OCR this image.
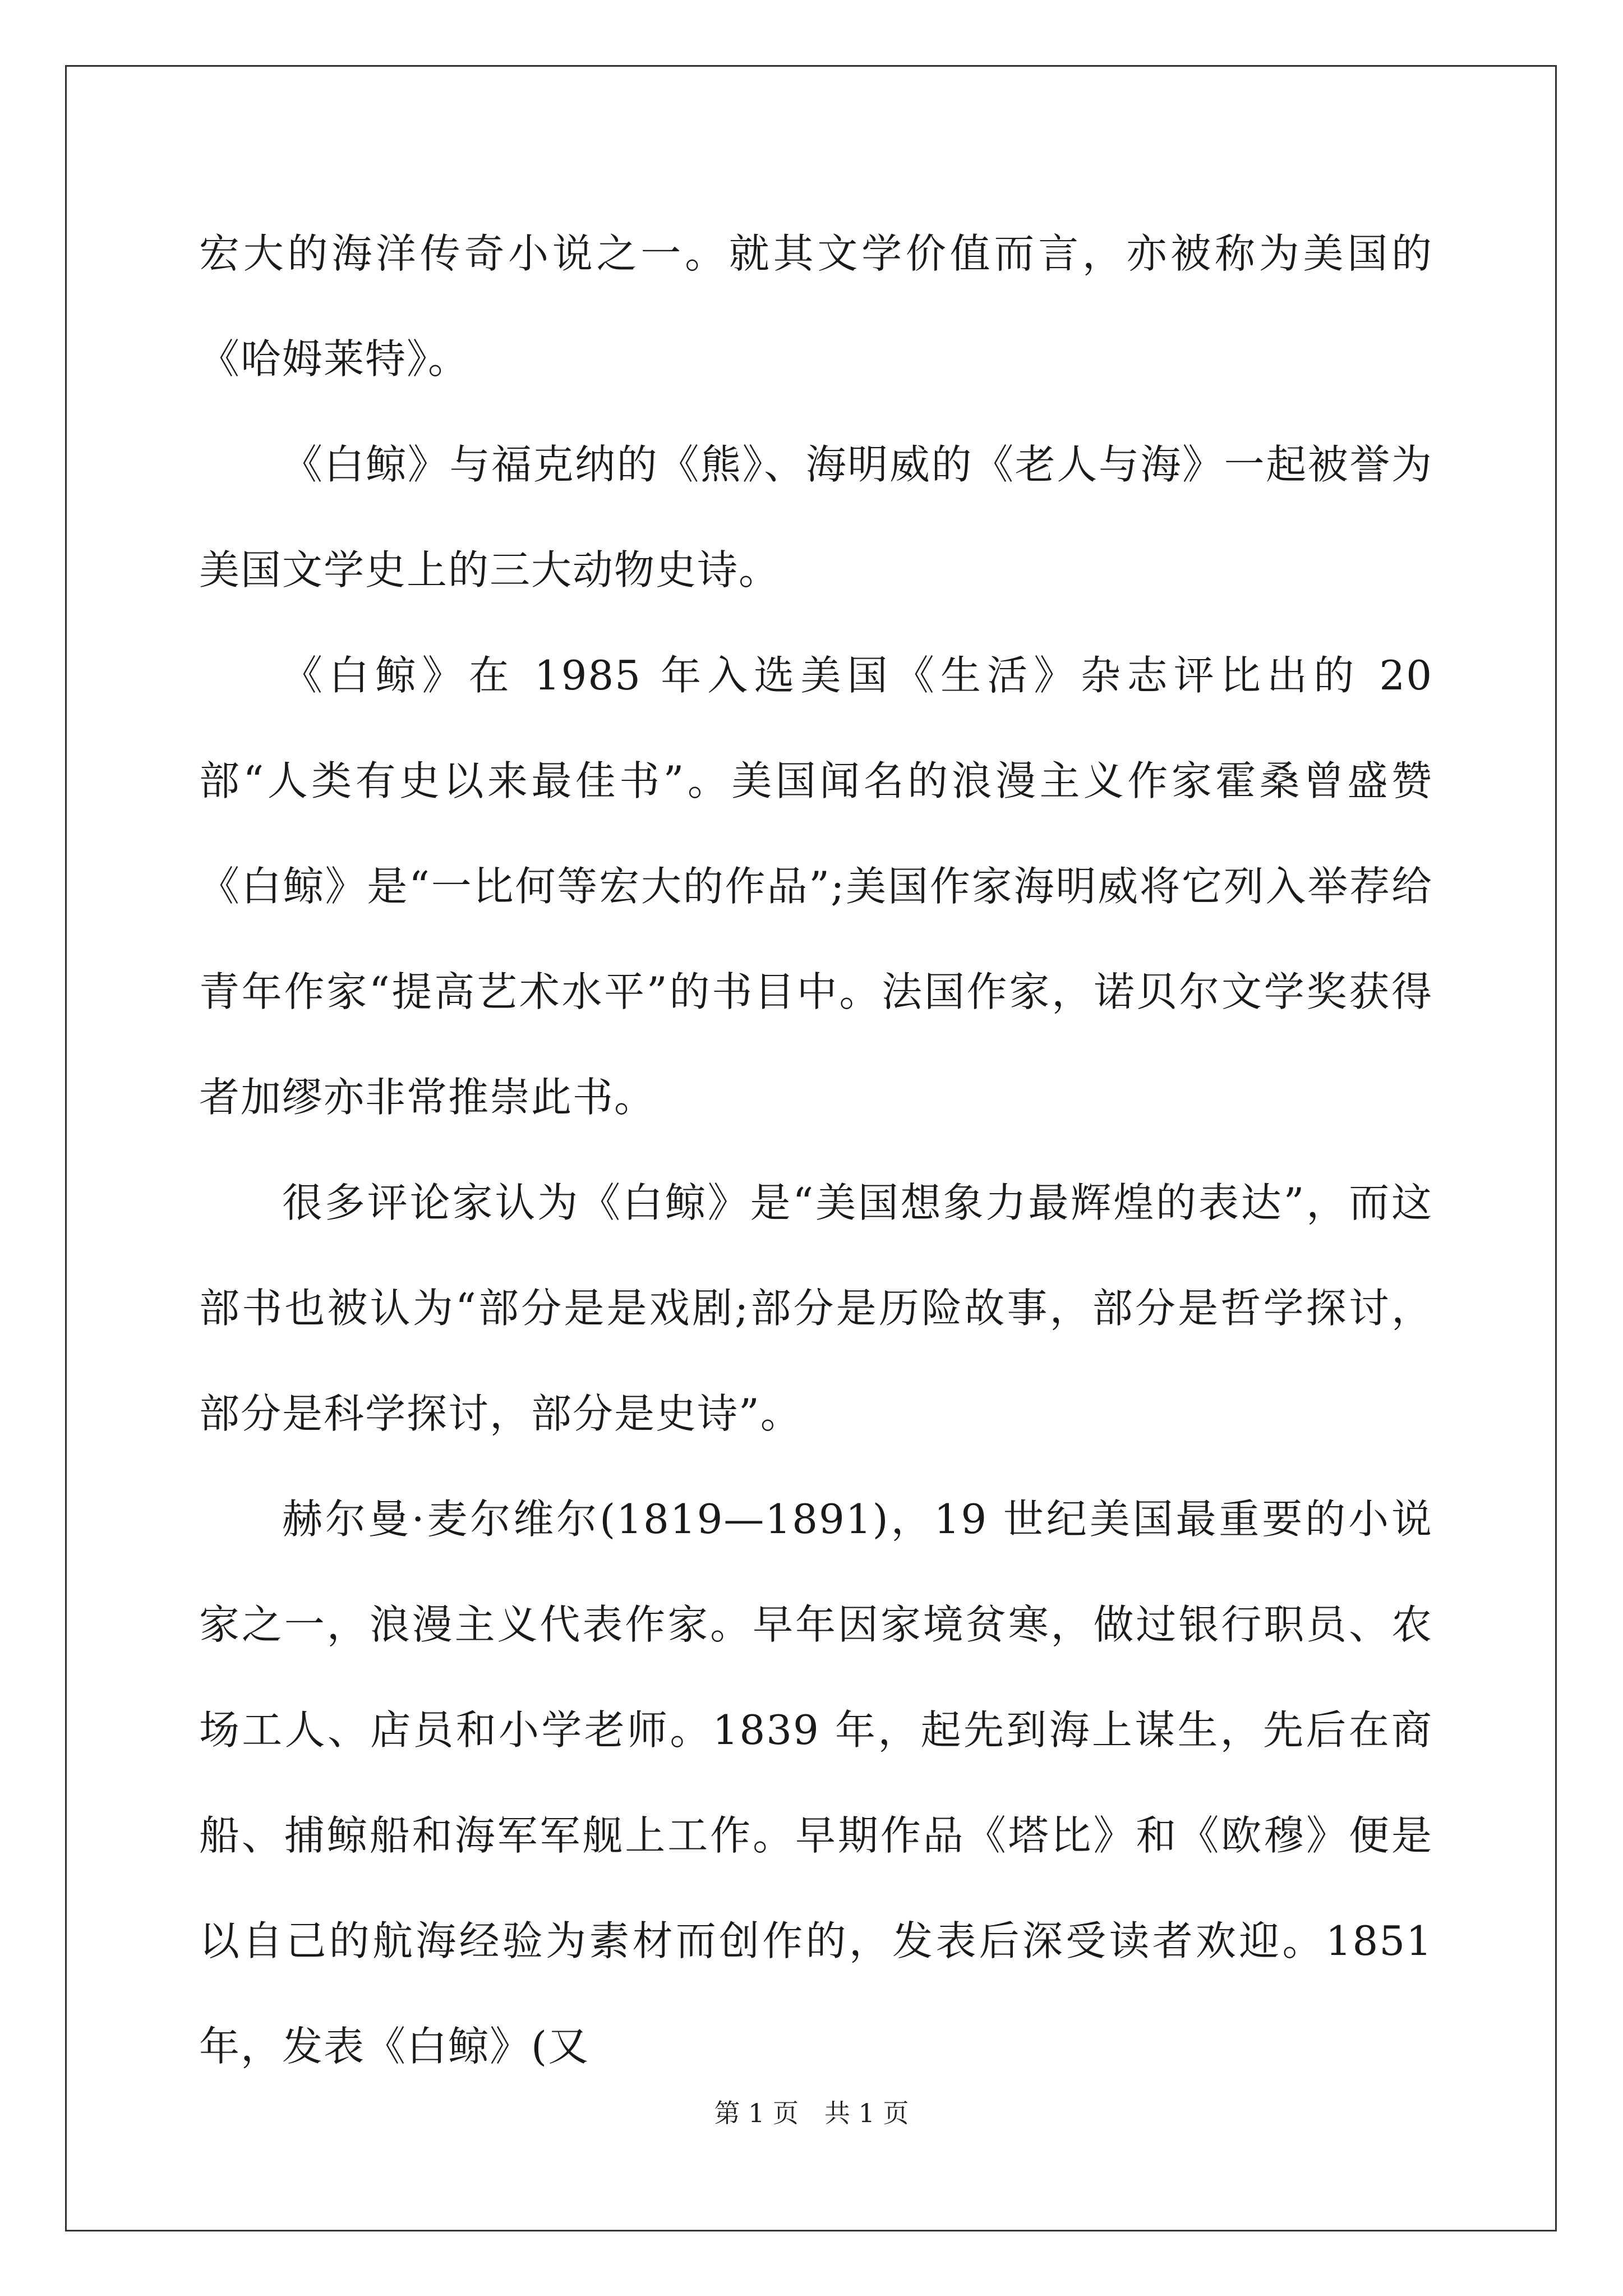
宏大的海洋传奇小说之一。就其文学价值而言，亦被称为美国的《哈姆莱特》。

《白鲸》与福克纳的《熊》、海明威的《老人与海》一起被誉为美国文学史上的三大动物史诗。

《白鲸》在 1985 年入选美国《生活》杂志评比出的 20 部“人类有史以来最佳书”。美国闻名的浪漫主义作家霍桑曾盛赞《白鲸》是“一比何等宏大的作品”;美国作家海明威将它列入举荐给青年作家“提高艺术水平”的书目中。法国作家，诺贝尔文学奖获得者加缪亦非常推崇此书。

很多评论家认为《白鲸》是“美国想象力最辉煌的表达”，而这部书也被认为“部分是是戏剧;部分是历险故事，部分是哲学探讨，部分是科学探讨，部分是史诗”。

赫尔曼·麦尔维尔(1819—1891)，19 世纪美国最重要的小说家之一，浪漫主义代表作家。早年因家境贫寒，做过银行职员、农场工人、店员和小学老师。1839 年，起先到海上谋生，先后在商船、捕鲸船和海军军舰上工作。早期作品《塔比》和《欧穆》便是以自己的航海经验为素材而创作的，发表后深受读者欢迎。1851 年，发表《白鲸》(又

第 1 页　共 1 页
